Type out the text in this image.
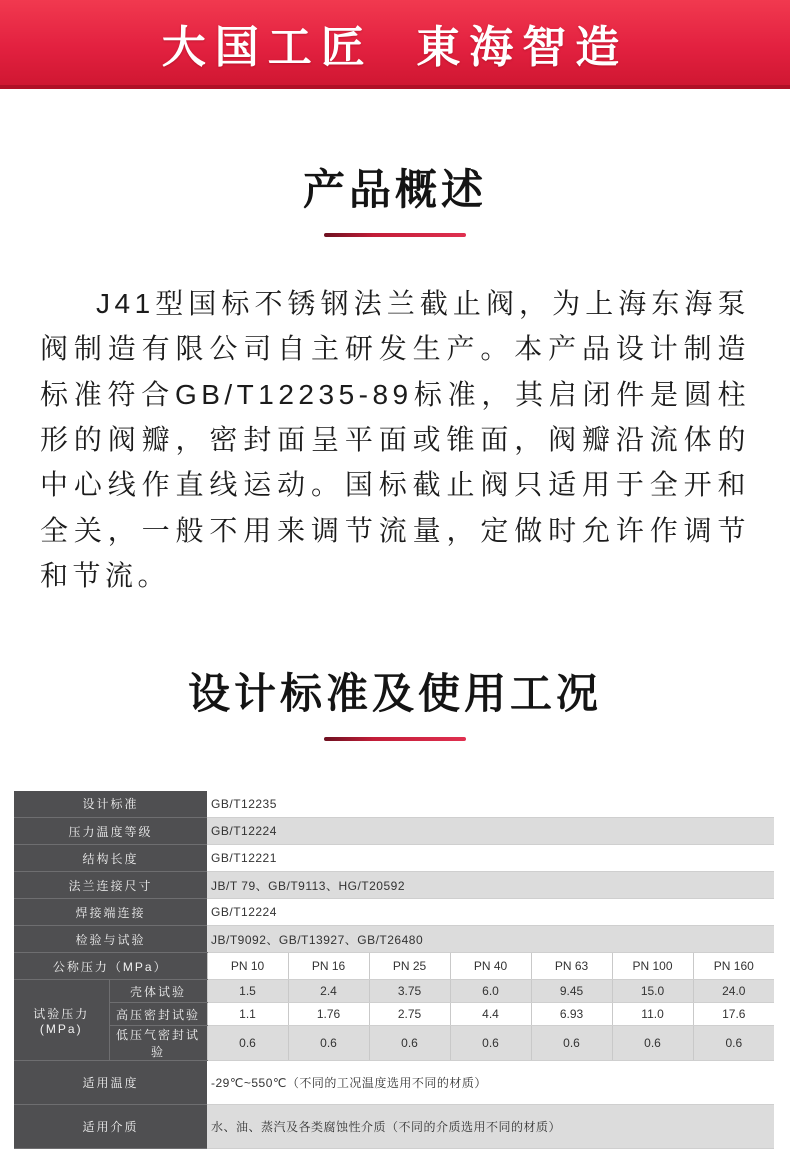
大国工匠  東海智造
产品概述

J41型国标不锈钢法兰截止阀，为上海东海泵阀制造有限公司自主研发生产。本产品设计制造标准符合GB/T12235-89标准，其启闭件是圆柱形的阀瓣，密封面呈平面或锥面，阀瓣沿流体的中心线作直线运动。国标截止阀只适用于全开和全关，一般不用来调节流量，定做时允许作调节和节流。

设计标准及使用工况
设计标准		GB/T12235						
压力温度等级		GB/T12224						
结构长度		GB/T12221						
法兰连接尺寸		JB/T 79、GB/T9113、HG/T20592						
焊接端连接		GB/T12224						
检验与试验		JB/T9092、GB/T13927、GB/T26480						
公称压力（MPa）		PN 10	PN 16	PN 25	PN 40	PN 63	PN 100	PN 160
试验压力(MPa)	壳体试验	1.5	2.4	3.75	6.0	9.45	15.0	24.0
	高压密封试验	1.1	1.76	2.75	4.4	6.93	11.0	17.6
	低压气密封试验	0.6	0.6	0.6	0.6	0.6	0.6	0.6
适用温度		-29℃~550℃（不同的工况温度选用不同的材质）						
适用介质		水、油、蒸汽及各类腐蚀性介质（不同的介质选用不同的材质）						
